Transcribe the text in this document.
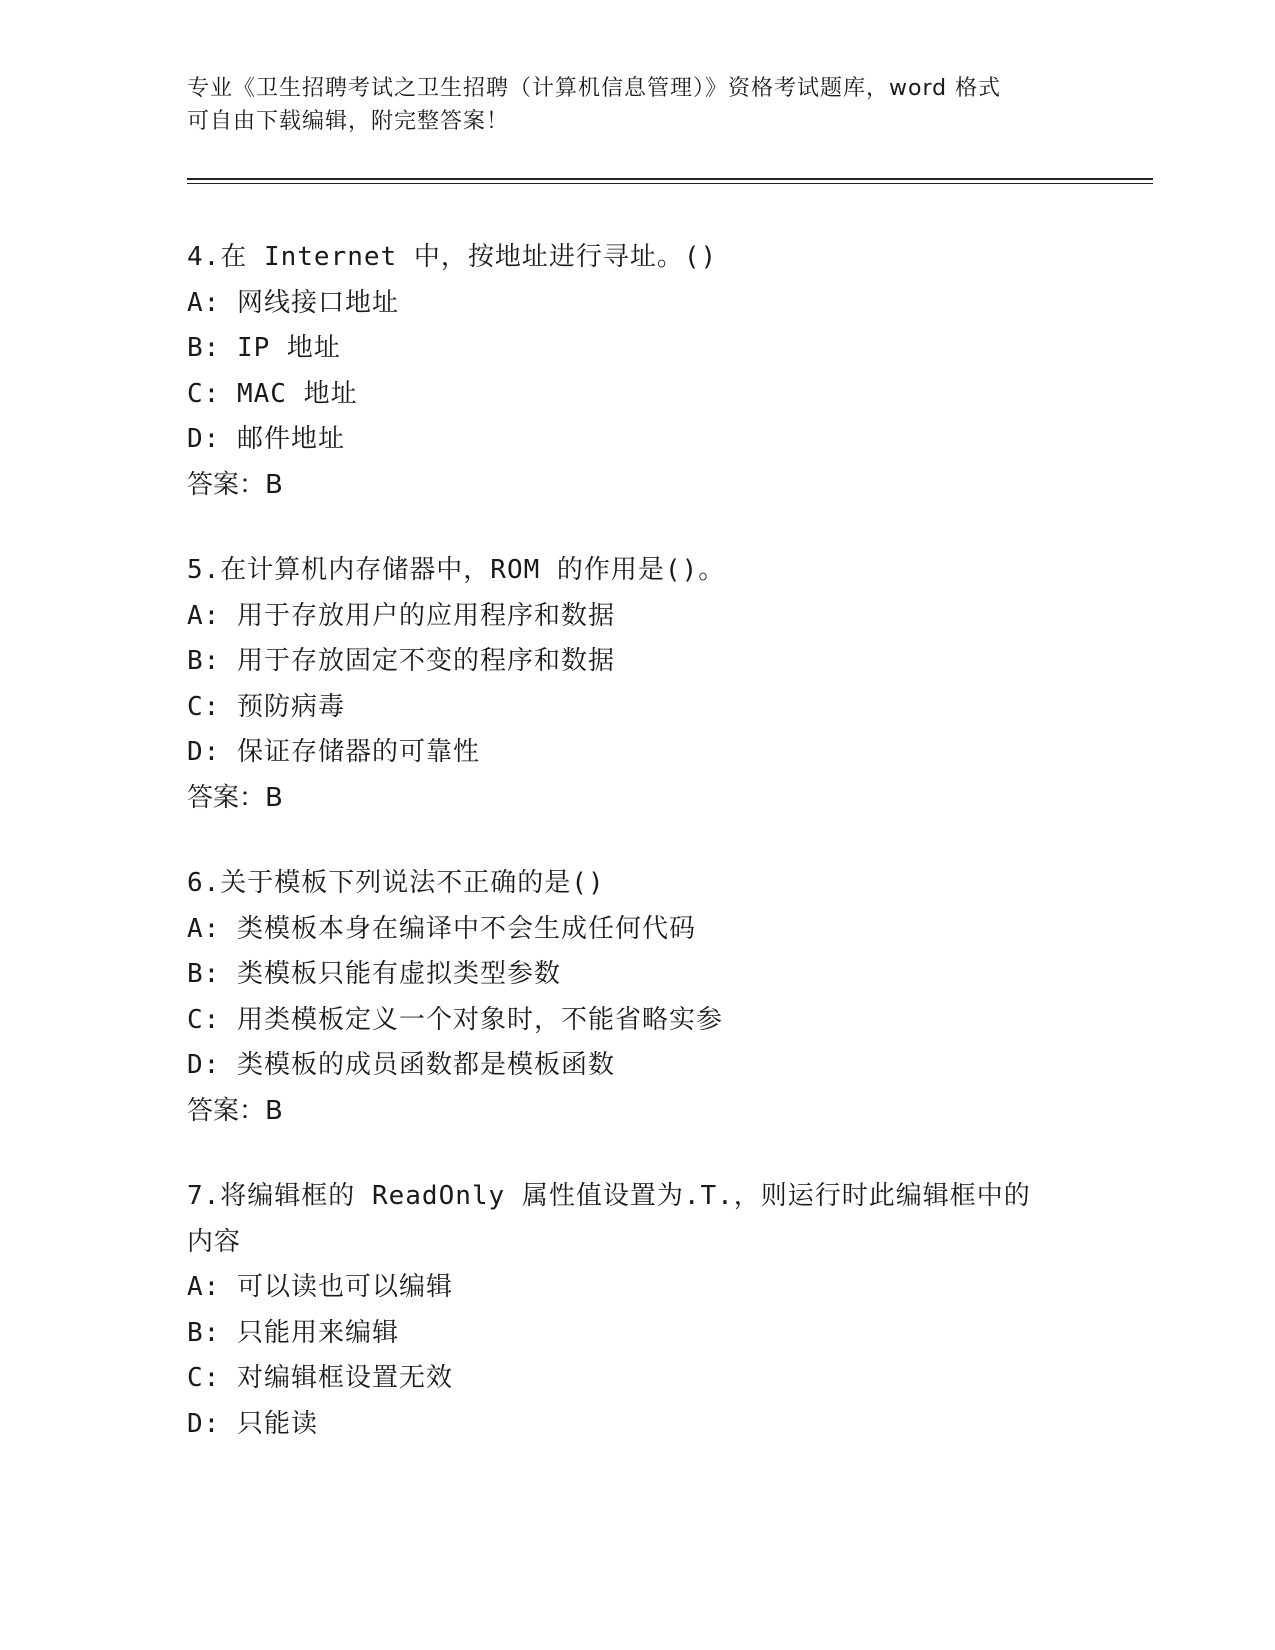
专业《卫生招聘考试之卫生招聘（计算机信息管理）》资格考试题库，word 格式
可自由下载编辑，附完整答案！
4.在 Internet 中，按地址进行寻址。()
A: 网线接口地址
B: IP 地址
C: MAC 地址
D: 邮件地址
答案：B
5.在计算机内存储器中，ROM 的作用是()。
A: 用于存放用户的应用程序和数据
B: 用于存放固定不变的程序和数据
C: 预防病毒
D: 保证存储器的可靠性
答案：B
6.关于模板下列说法不正确的是()
A: 类模板本身在编译中不会生成任何代码
B: 类模板只能有虚拟类型参数
C: 用类模板定义一个对象时，不能省略实参
D: 类模板的成员函数都是模板函数
答案：B
7.将编辑框的 ReadOnly 属性值设置为.T.，则运行时此编辑框中的内容
A: 可以读也可以编辑
B: 只能用来编辑
C: 对编辑框设置无效
D: 只能读
